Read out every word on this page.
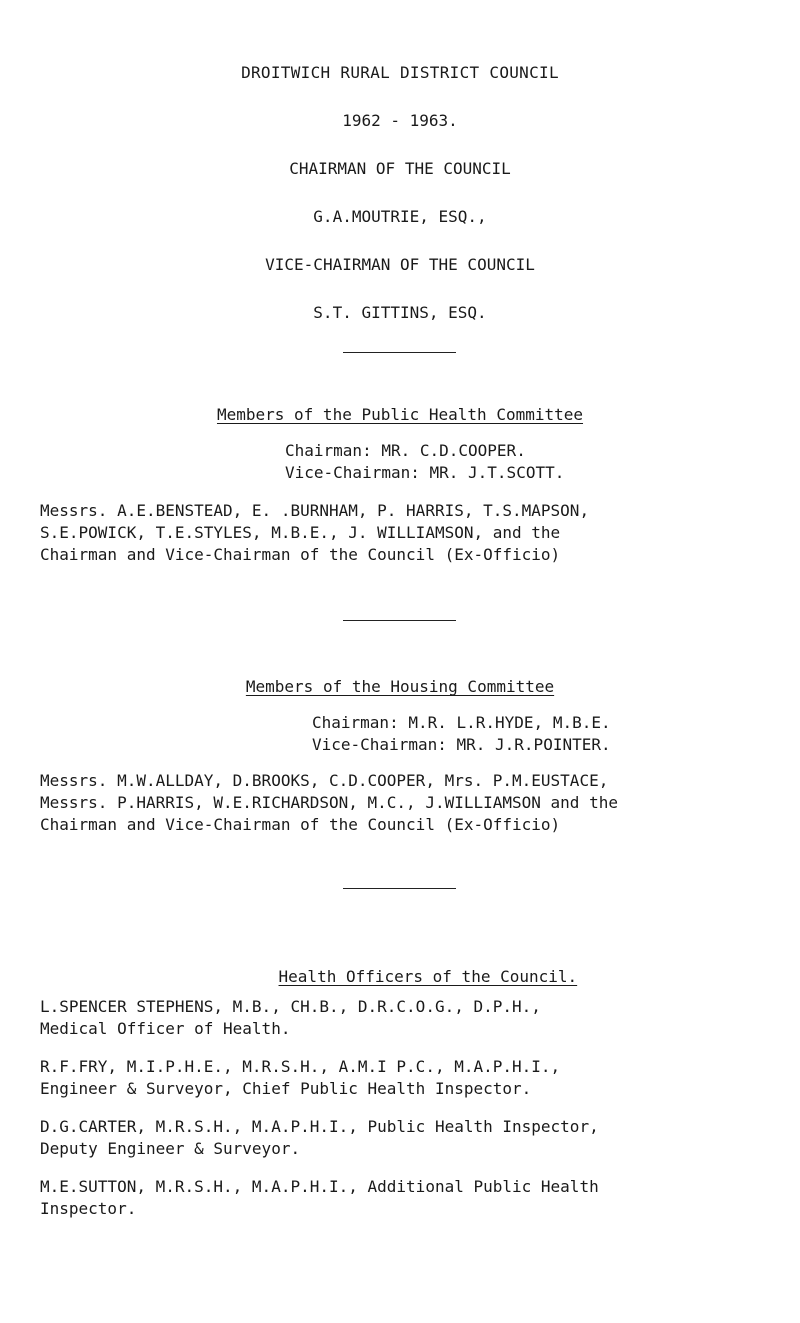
DROITWICH RURAL DISTRICT COUNCIL
1962 - 1963.
CHAIRMAN OF THE COUNCIL
G.A.MOUTRIE, ESQ.,
VICE-CHAIRMAN OF THE COUNCIL
S.T. GITTINS, ESQ.
Members of the Public Health Committee
Chairman: MR. C.D.COOPER.
Vice-Chairman: MR. J.T.SCOTT.
Messrs. A.E.BENSTEAD, E. .BURNHAM, P. HARRIS, T.S.MAPSON,
S.E.POWICK, T.E.STYLES, M.B.E., J. WILLIAMSON, and the
Chairman and Vice-Chairman of the Council (Ex-Officio)
Members of the Housing Committee
Chairman: M.R. L.R.HYDE, M.B.E.
Vice-Chairman: MR. J.R.POINTER.
Messrs. M.W.ALLDAY, D.BROOKS, C.D.COOPER, Mrs. P.M.EUSTACE,
Messrs. P.HARRIS, W.E.RICHARDSON, M.C., J.WILLIAMSON and the
Chairman and Vice-Chairman of the Council (Ex-Officio)

Health Officers of the Council.

L.SPENCER STEPHENS, M.B., CH.B., D.R.C.O.G., D.P.H.,
Medical Officer of Health.
R.F.FRY, M.I.P.H.E., M.R.S.H., A.M.I P.C., M.A.P.H.I.,
Engineer & Surveyor, Chief Public Health Inspector.
D.G.CARTER, M.R.S.H., M.A.P.H.I., Public Health Inspector,
Deputy Engineer & Surveyor.
M.E.SUTTON, M.R.S.H., M.A.P.H.I., Additional Public Health
Inspector.
